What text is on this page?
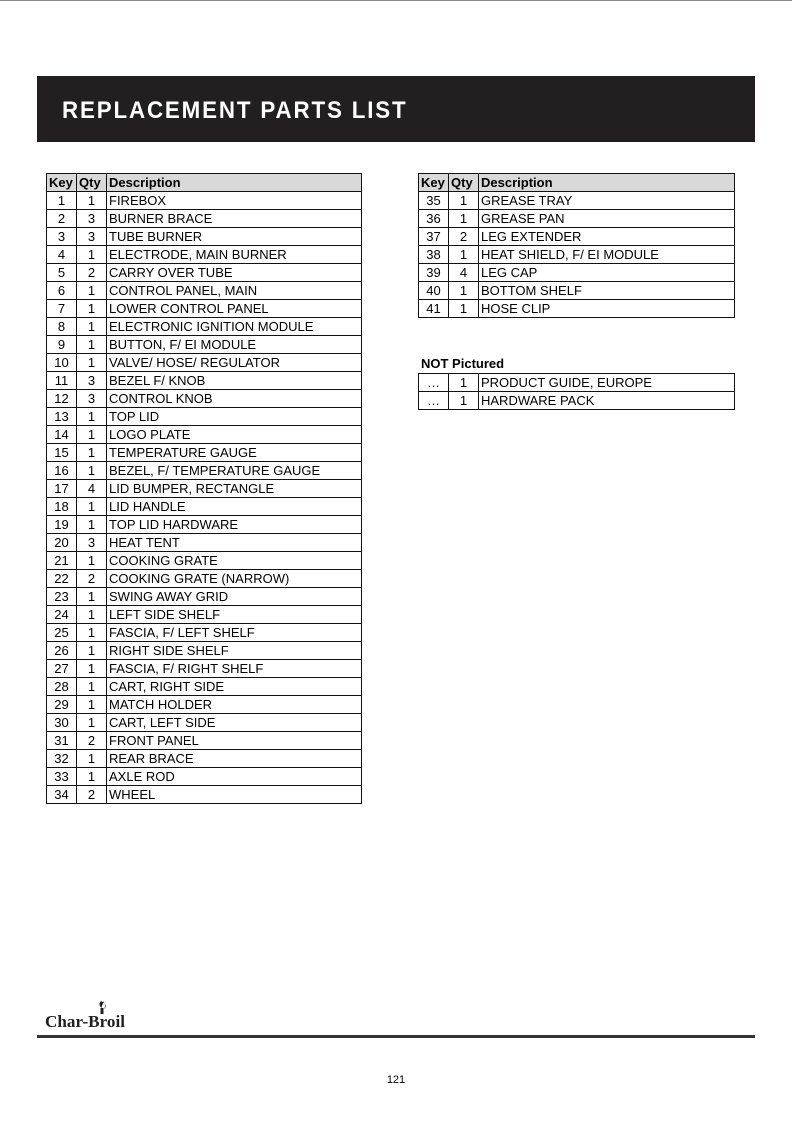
REPLACEMENT PARTS LIST
Key	Qty	Description
1	1	FIREBOX
2	3	BURNER BRACE
3	3	TUBE BURNER
4	1	ELECTRODE, MAIN BURNER
5	2	CARRY OVER TUBE
6	1	CONTROL PANEL, MAIN
7	1	LOWER CONTROL PANEL
8	1	ELECTRONIC IGNITION MODULE
9	1	BUTTON, F/ EI MODULE
10	1	VALVE/ HOSE/ REGULATOR
11	3	BEZEL F/ KNOB
12	3	CONTROL KNOB
13	1	TOP LID
14	1	LOGO PLATE
15	1	TEMPERATURE GAUGE
16	1	BEZEL, F/ TEMPERATURE GAUGE
17	4	LID BUMPER, RECTANGLE
18	1	LID HANDLE
19	1	TOP LID HARDWARE
20	3	HEAT TENT
21	1	COOKING GRATE
22	2	COOKING GRATE (NARROW)
23	1	SWING AWAY GRID
24	1	LEFT SIDE SHELF
25	1	FASCIA, F/ LEFT SHELF
26	1	RIGHT SIDE SHELF
27	1	FASCIA, F/ RIGHT SHELF
28	1	CART, RIGHT SIDE
29	1	MATCH HOLDER
30	1	CART, LEFT SIDE
31	2	FRONT PANEL
32	1	REAR BRACE
33	1	AXLE ROD
34	2	WHEEL
Key	Qty	Description
35	1	GREASE TRAY
36	1	GREASE PAN
37	2	LEG EXTENDER
38	1	HEAT SHIELD, F/ EI MODULE
39	4	LEG CAP
40	1	BOTTOM SHELF
41	1	HOSE CLIP
NOT Pictured
…	1	PRODUCT GUIDE, EUROPE
…	1	HARDWARE PACK
Char-Broil
121
